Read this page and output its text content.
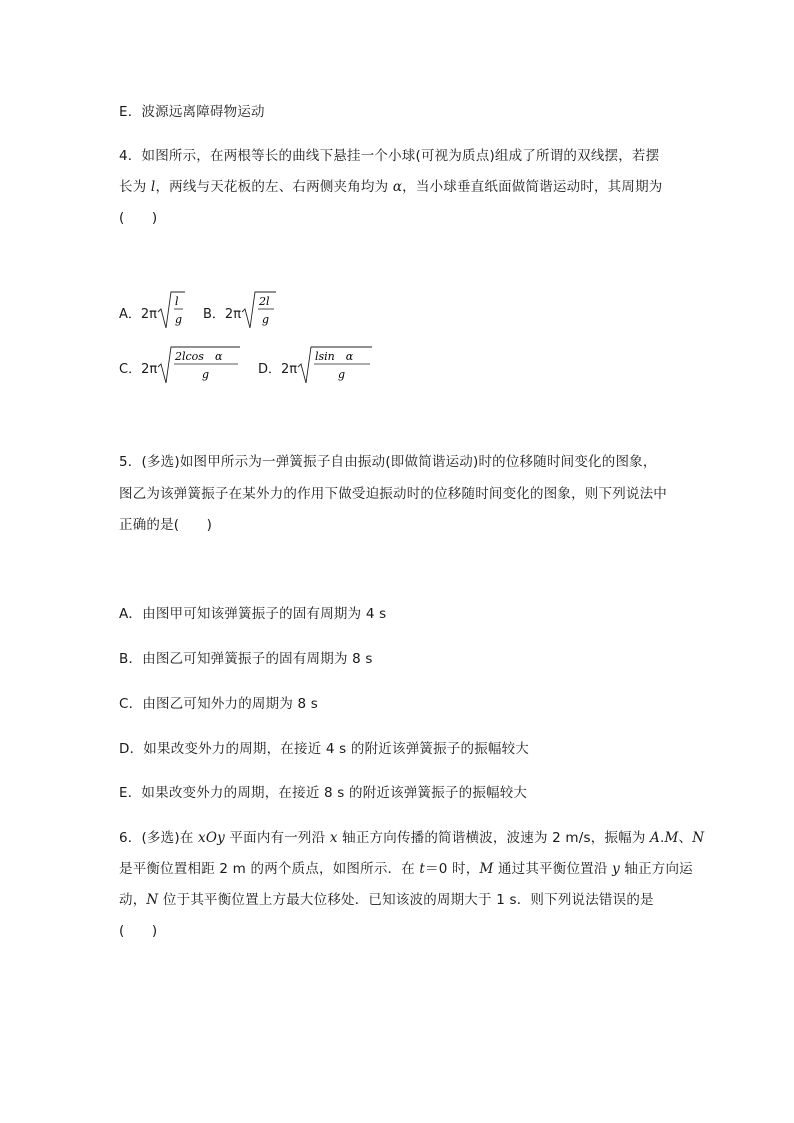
E．波源远离障碍物运动
4．如图所示，在两根等长的曲线下悬挂一个小球(可视为质点)组成了所谓的双线摆，若摆
长为 l，两线与天花板的左、右两侧夹角均为 α，当小球垂直纸面做简谐运动时，其周期为
(　　)
A．2π
l
g B．2π
2l
g
C．2π
2lcos　α
g	D．2π
lsin　α
g
5．(多选)如图甲所示为一弹簧振子自由振动(即做简谐运动)时的位移随时间变化的图象，
图乙为该弹簧振子在某外力的作用下做受迫振动时的位移随时间变化的图象，则下列说法中
正确的是(　　)
A．由图甲可知该弹簧振子的固有周期为 4 s
B．由图乙可知弹簧振子的固有周期为 8 s
C．由图乙可知外力的周期为 8 s
D．如果改变外力的周期，在接近 4 s 的附近该弹簧振子的振幅较大
E．如果改变外力的周期，在接近 8 s 的附近该弹簧振子的振幅较大
6．(多选)在 xOy 平面内有一列沿 x 轴正方向传播的简谐横波，波速为 2 m/s，振幅为 A.M、N
是平衡位置相距 2 m 的两个质点，如图所示．在 t＝0 时，M 通过其平衡位置沿 y 轴正方向运
动，N 位于其平衡位置上方最大位移处．已知该波的周期大于 1 s．则下列说法错误的是
(　　)
